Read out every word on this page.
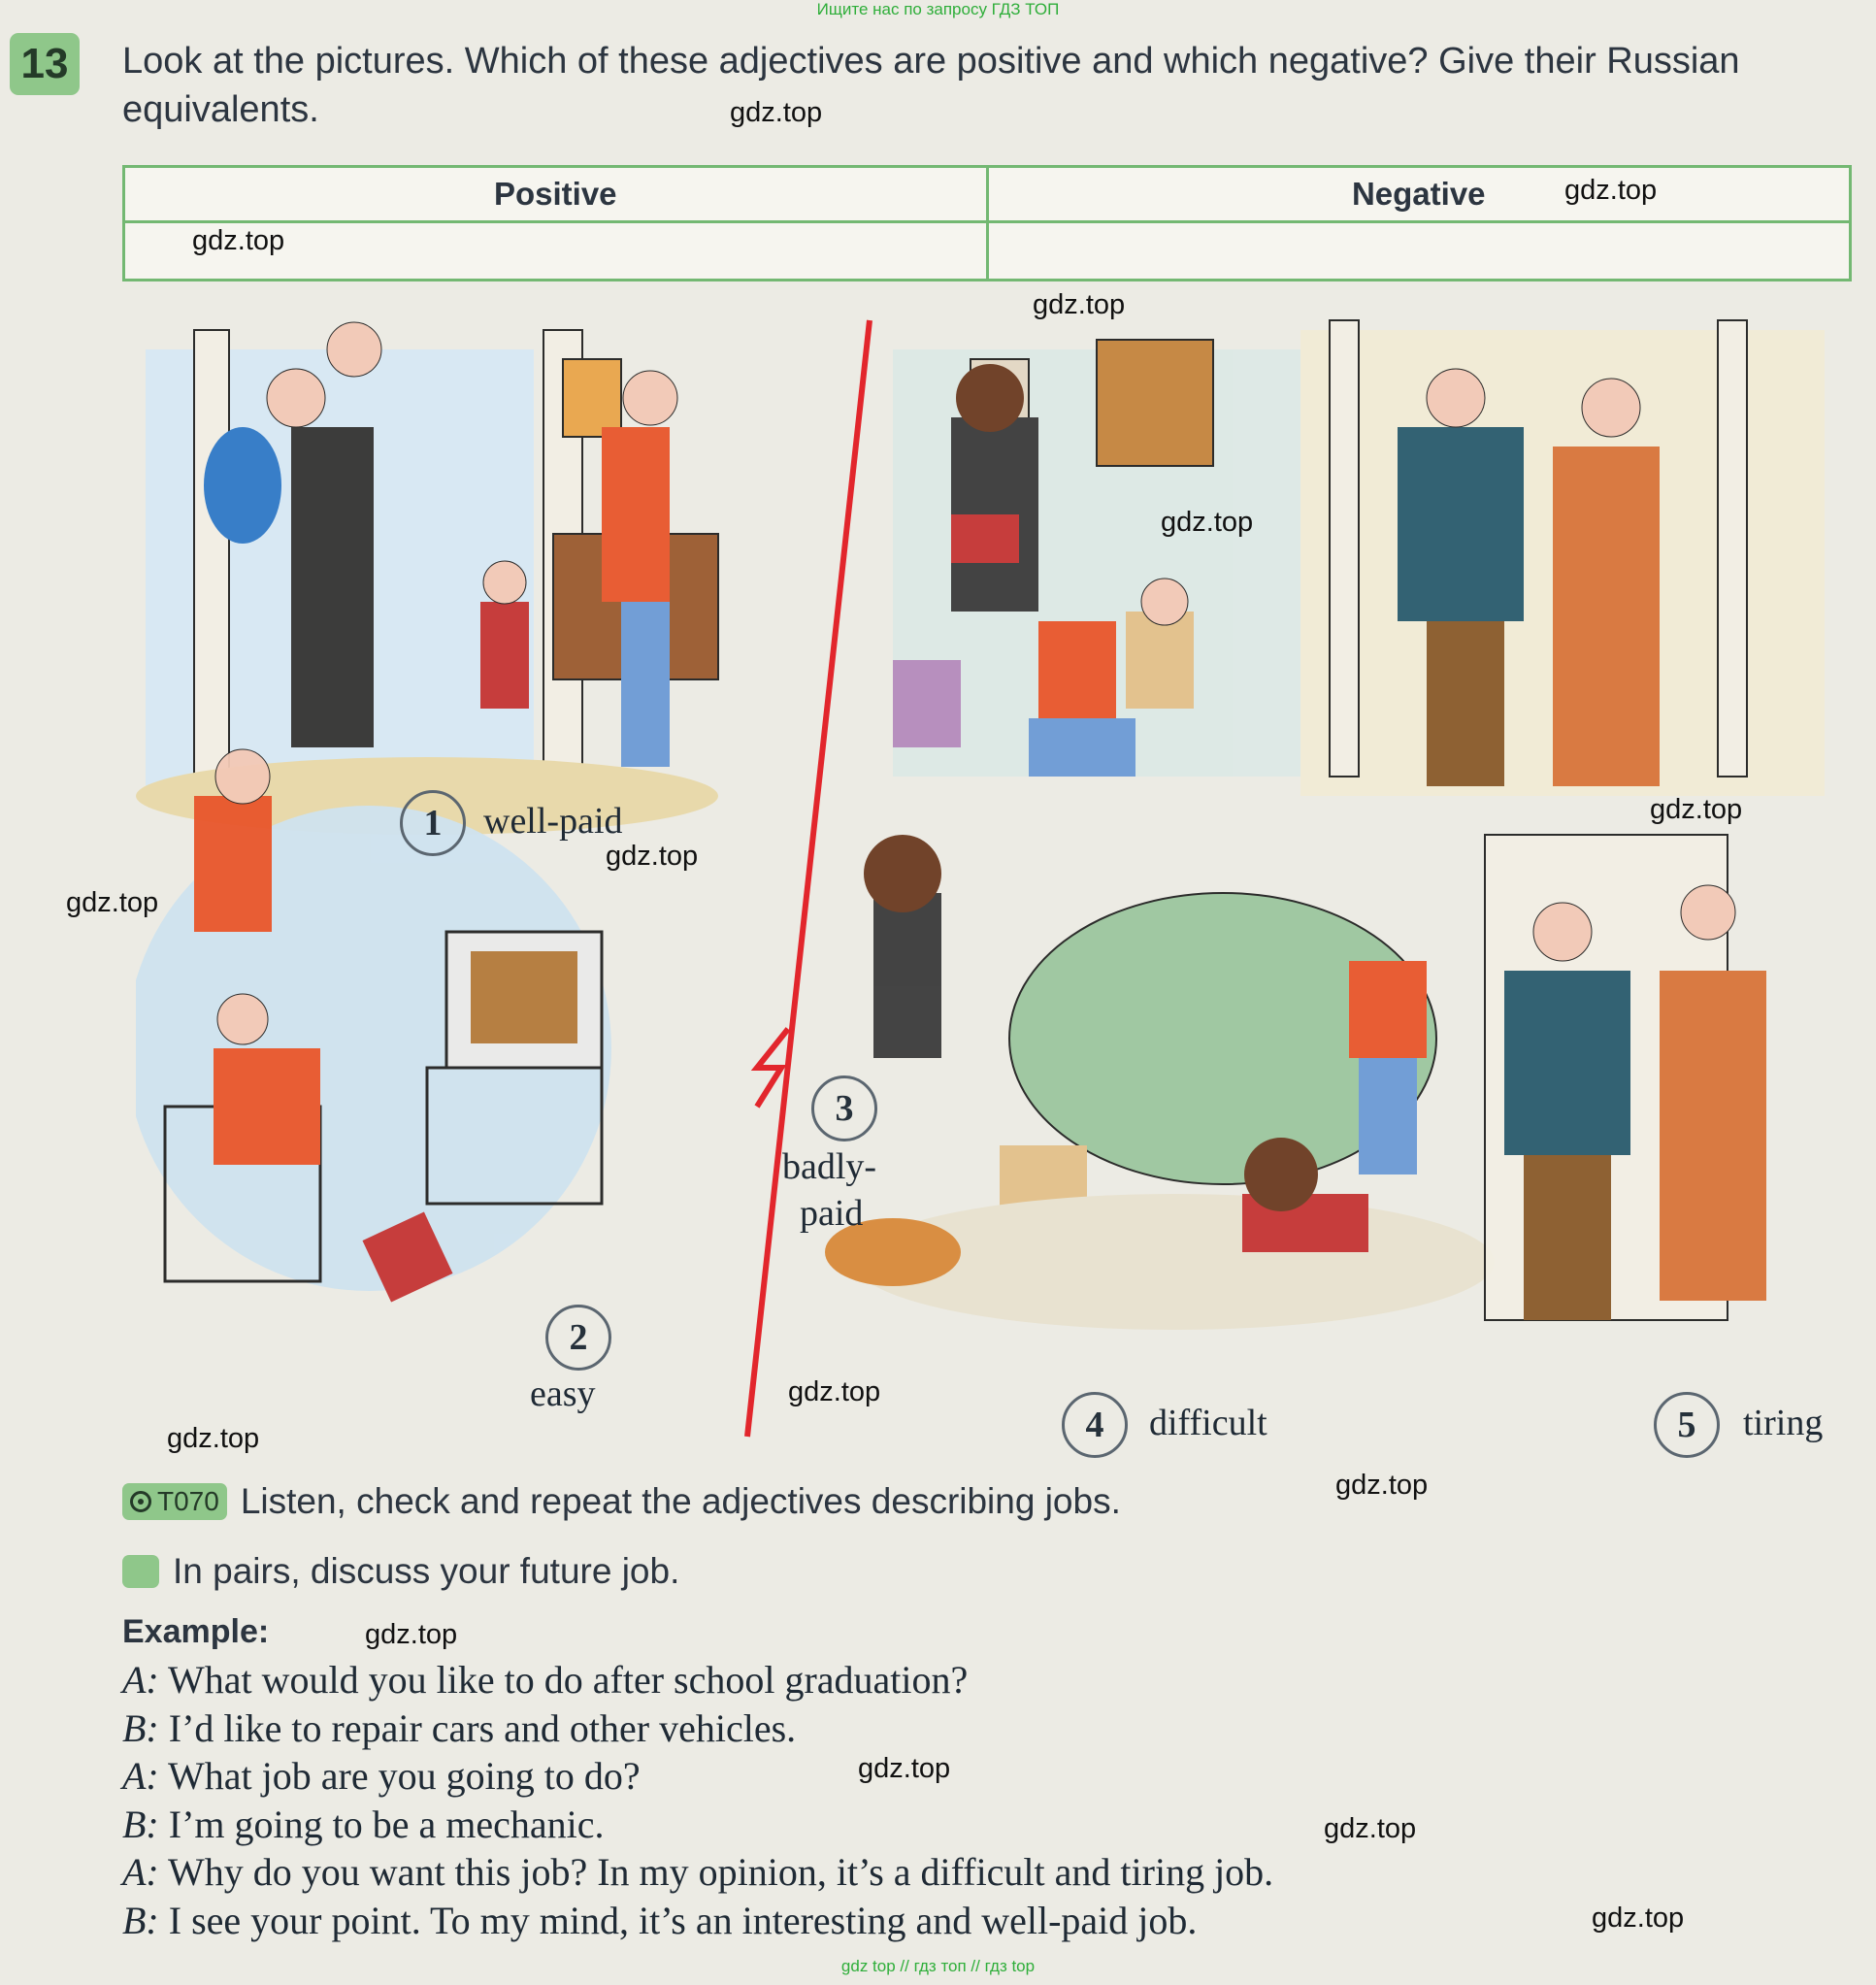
Ищите нас по запросу ГДЗ ТОП
13	Look at the pictures. Which of these adjectives are positive and which negative? Give their Russian equivalents.
Positive	Negative

1	well-paid
2
easy
3
badly-
paid
4	difficult	5	tiring
T070 Listen, check and repeat the adjectives describing jobs.
In pairs, discuss your future job.
Example:
A: What would you like to do after school graduation?
B: I’d like to repair cars and other vehicles.
A: What job are you going to do?
B: I’m going to be a mechanic.
A: Why do you want this job? In my opinion, it’s a difficult and tiring job.
B: I see your point. To my mind, it’s an interesting and well-paid job.
gdz.top
gdz.top
gdz.top
gdz.top
gdz.top
gdz.top
gdz.top
gdz.top
gdz.top
gdz.top
gdz.top
gdz.top
gdz.top
gdz.top
gdz.top
gdz top // гдз топ // гдз top
